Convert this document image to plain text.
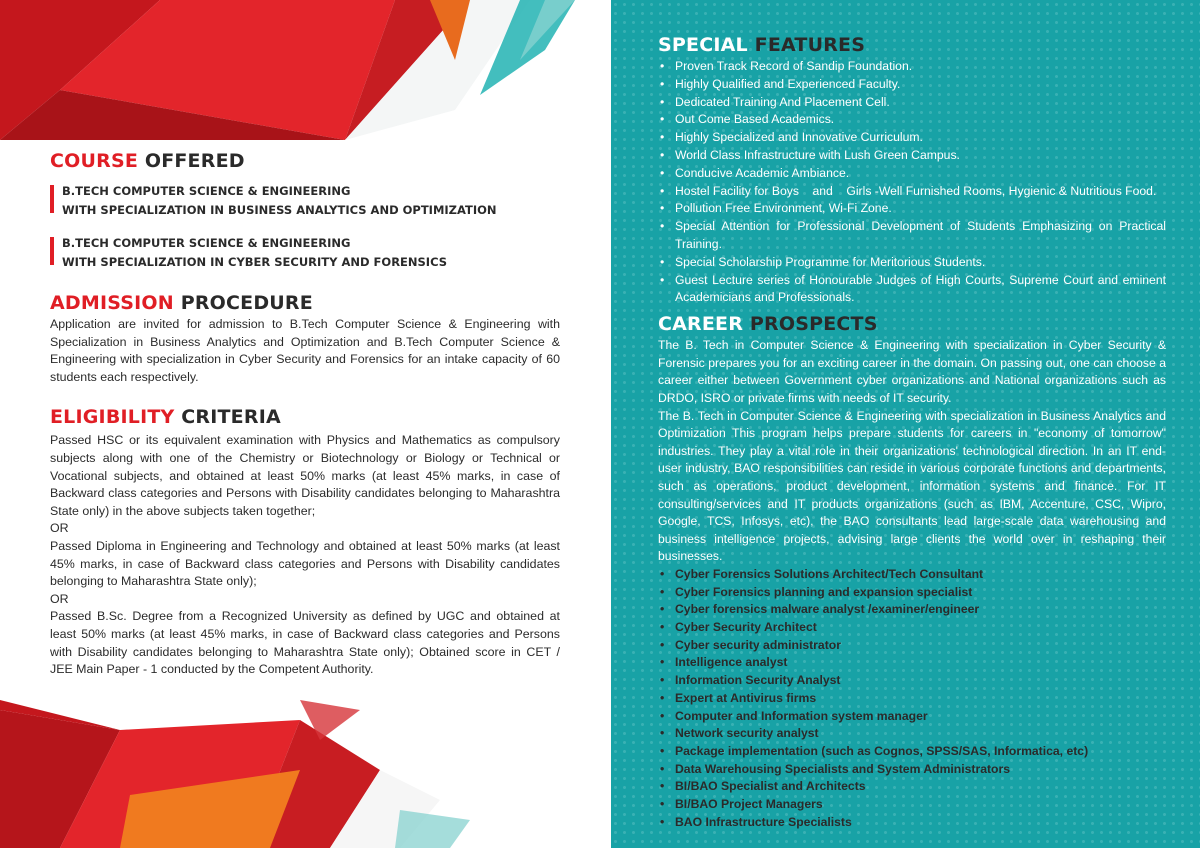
COURSE OFFERED
B.TECH COMPUTER SCIENCE & ENGINEERING
WITH SPECIALIZATION IN BUSINESS ANALYTICS AND OPTIMIZATION
B.TECH COMPUTER SCIENCE & ENGINEERING
WITH SPECIALIZATION IN CYBER SECURITY AND FORENSICS
ADMISSION PROCEDURE

Application are invited for admission to B.Tech Computer Science & Engineering with Specialization in Business Analytics and Optimization and B.Tech Computer Science & Engineering with specialization in Cyber Security and Forensics for an intake capacity of 60 students each respectively.

ELIGIBILITY CRITERIA

Passed HSC or its equivalent examination with Physics and Mathematics as compulsory subjects along with one of the Chemistry or Biotechnology or Biology or Technical or Vocational subjects, and obtained at least 50% marks (at least 45% marks, in case of Backward class categories and Persons with Disability candidates belonging to Maharashtra State only) in the above subjects taken together;

OR

Passed Diploma in Engineering and Technology and obtained at least 50% marks (at least 45% marks, in case of Backward class categories and Persons with Disability candidates belonging to Maharashtra State only);

OR

Passed B.Sc. Degree from a Recognized University as defined by UGC and obtained at least 50% marks (at least 45% marks, in case of Backward class categories and Persons with Disability candidates belonging to Maharashtra State only); Obtained score in CET / JEE Main Paper - 1 conducted by the Competent Authority.

SPECIAL FEATURES
• Proven Track Record of Sandip Foundation.
• Highly Qualified and Experienced Faculty.
• Dedicated Training And Placement Cell.
• Out Come Based Academics.
• Highly Specialized and Innovative Curriculum.
• World Class Infrastructure with Lush Green Campus.
• Conducive Academic Ambiance.
• Hostel Facility for Boys    and    Girls -Well Furnished Rooms, Hygienic & Nutritious Food.
• Pollution Free Environment, Wi-Fi Zone.
• Special Attention for Professional Development of Students Emphasizing on Practical Training.
• Special Scholarship Programme for Meritorious Students.
• Guest Lecture series of Honourable Judges of High Courts, Supreme Court and eminent Academicians and Professionals.
CAREER PROSPECTS

The B. Tech in Computer Science & Engineering with specialization in Cyber Security & Forensic prepares you for an exciting career in the domain. On passing out, one can choose a career either between Government cyber organizations and National organizations such as DRDO, ISRO or private firms with needs of IT security.

The B. Tech in Computer Science & Engineering with specialization in Business Analytics and Optimization This program helps prepare students for careers in "economy of tomorrow" industries. They play a vital role in their organizations' technological direction. In an IT end-user industry, BAO responsibilities can reside in various corporate functions and departments, such as operations, product development, information systems and finance. For IT consulting/services and IT products organizations (such as IBM, Accenture, CSC, Wipro, Google, TCS, Infosys, etc), the BAO consultants lead large-scale data warehousing and business intelligence projects, advising large clients the world over in reshaping their businesses.

• Cyber Forensics Solutions Architect/Tech Consultant
• Cyber Forensics planning and expansion specialist
• Cyber forensics malware analyst /examiner/engineer
• Cyber Security Architect
• Cyber security administrator
• Intelligence analyst
• Information Security Analyst
• Expert at Antivirus firms
• Computer and Information system manager
• Network security analyst
• Package implementation (such as Cognos, SPSS/SAS, Informatica, etc)
• Data Warehousing Specialists and System Administrators
• BI/BAO Specialist and Architects
• BI/BAO Project Managers
• BAO Infrastructure Specialists
